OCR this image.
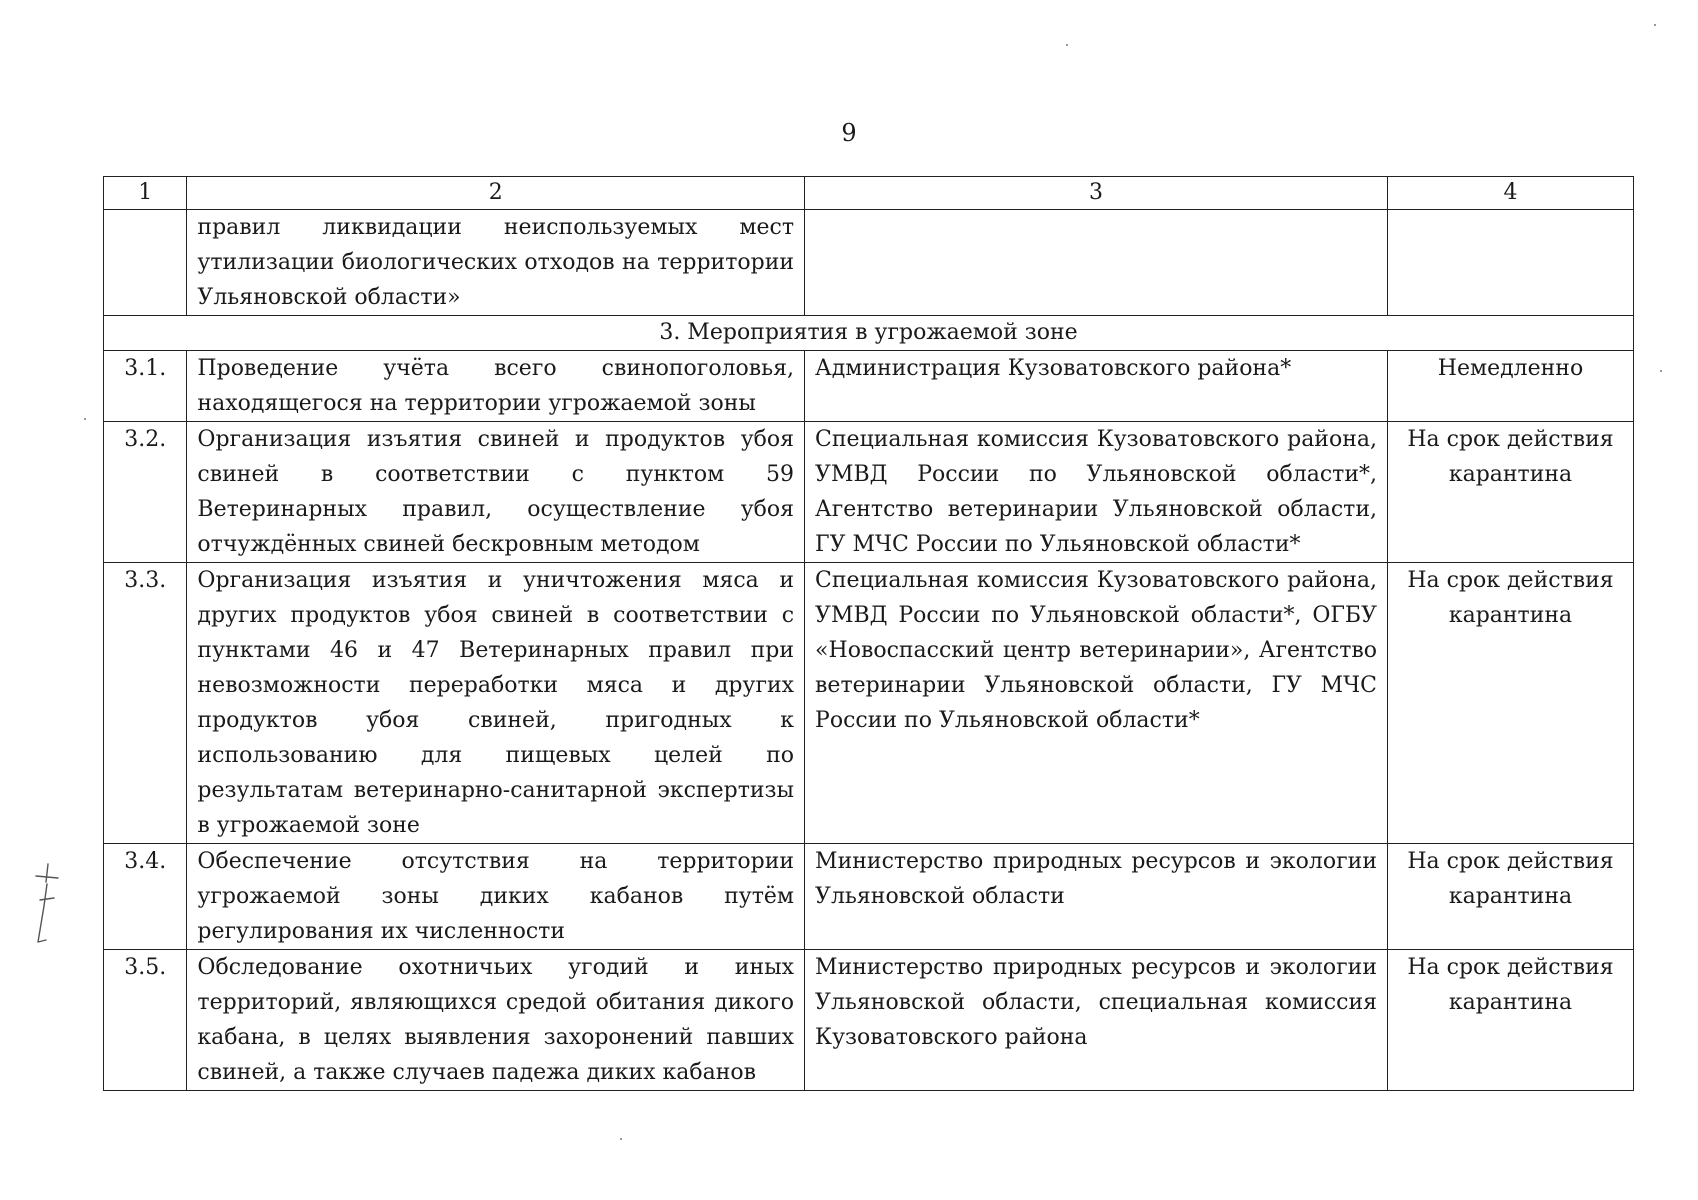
9
1	2	3	4
	правил ликвидации неиспользуемых мест утилизации биологических отходов на территории Ульяновской области»		
3. Мероприятия в угрожаемой зоне			
3.1.	Проведение учёта всего свинопоголовья, находящегося на территории угрожаемой зоны	Администрация Кузоватовского района*	Немедленно
3.2.	Организация изъятия свиней и продуктов убоя свиней в соответствии с пунктом 59 Ветеринарных правил, осуществление убоя отчуждённых свиней бескровным методом	Специальная комиссия Кузоватовского района, УМВД России по Ульяновской области*, Агентство ветеринарии Ульяновской области, ГУ МЧС России по Ульяновской области*	На срок действия карантина
3.3.	Организация изъятия и уничтожения мяса и других продуктов убоя свиней в соответствии с пунктами 46 и 47 Ветеринарных правил при невозможности переработки мяса и других продуктов убоя свиней, пригодных к использованию для пищевых целей по результатам ветеринарно-санитарной экспертизы в угрожаемой зоне	Специальная комиссия Кузоватовского района, УМВД России по Ульяновской области*, ОГБУ «Новоспасский центр ветеринарии», Агентство ветеринарии Ульяновской области, ГУ МЧС России по Ульяновской области*	На срок действия карантина
3.4.	Обеспечение отсутствия на территории угрожаемой зоны диких кабанов путём регулирования их численности	Министерство природных ресурсов и экологии Ульяновской области	На срок действия карантина
3.5.	Обследование охотничьих угодий и иных территорий, являющихся средой обитания дикого кабана, в целях выявления захоронений павших свиней, а также случаев падежа диких кабанов	Министерство природных ресурсов и экологии Ульяновской области, специальная комиссия Кузоватовского района	На срок действия карантина
